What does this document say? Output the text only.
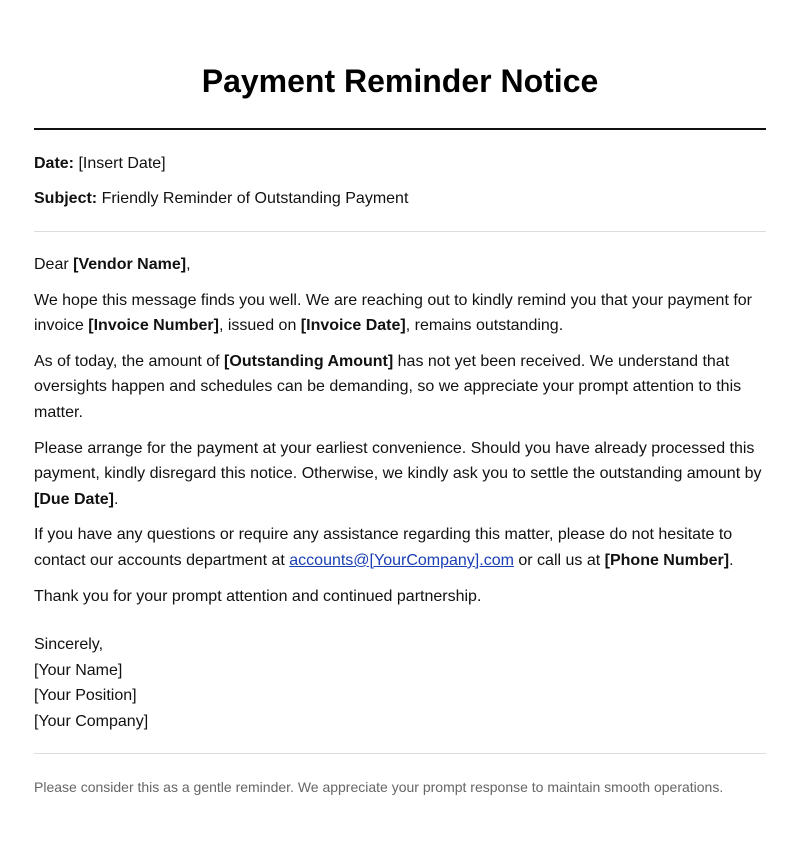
Payment Reminder Notice

Date: [Insert Date]

Subject: Friendly Reminder of Outstanding Payment

Dear [Vendor Name],

We hope this message finds you well. We are reaching out to kindly remind you that your payment for invoice [Invoice Number], issued on [Invoice Date], remains outstanding.

As of today, the amount of [Outstanding Amount] has not yet been received. We understand that oversights happen and schedules can be demanding, so we appreciate your prompt attention to this matter.

Please arrange for the payment at your earliest convenience. Should you have already processed this payment, kindly disregard this notice. Otherwise, we kindly ask you to settle the outstanding amount by [Due Date].

If you have any questions or require any assistance regarding this matter, please do not hesitate to contact our accounts department at accounts@[YourCompany].com or call us at [Phone Number].

Thank you for your prompt attention and continued partnership.

Sincerely,
[Your Name]
[Your Position]
[Your Company]
Please consider this as a gentle reminder. We appreciate your prompt response to maintain smooth operations.
